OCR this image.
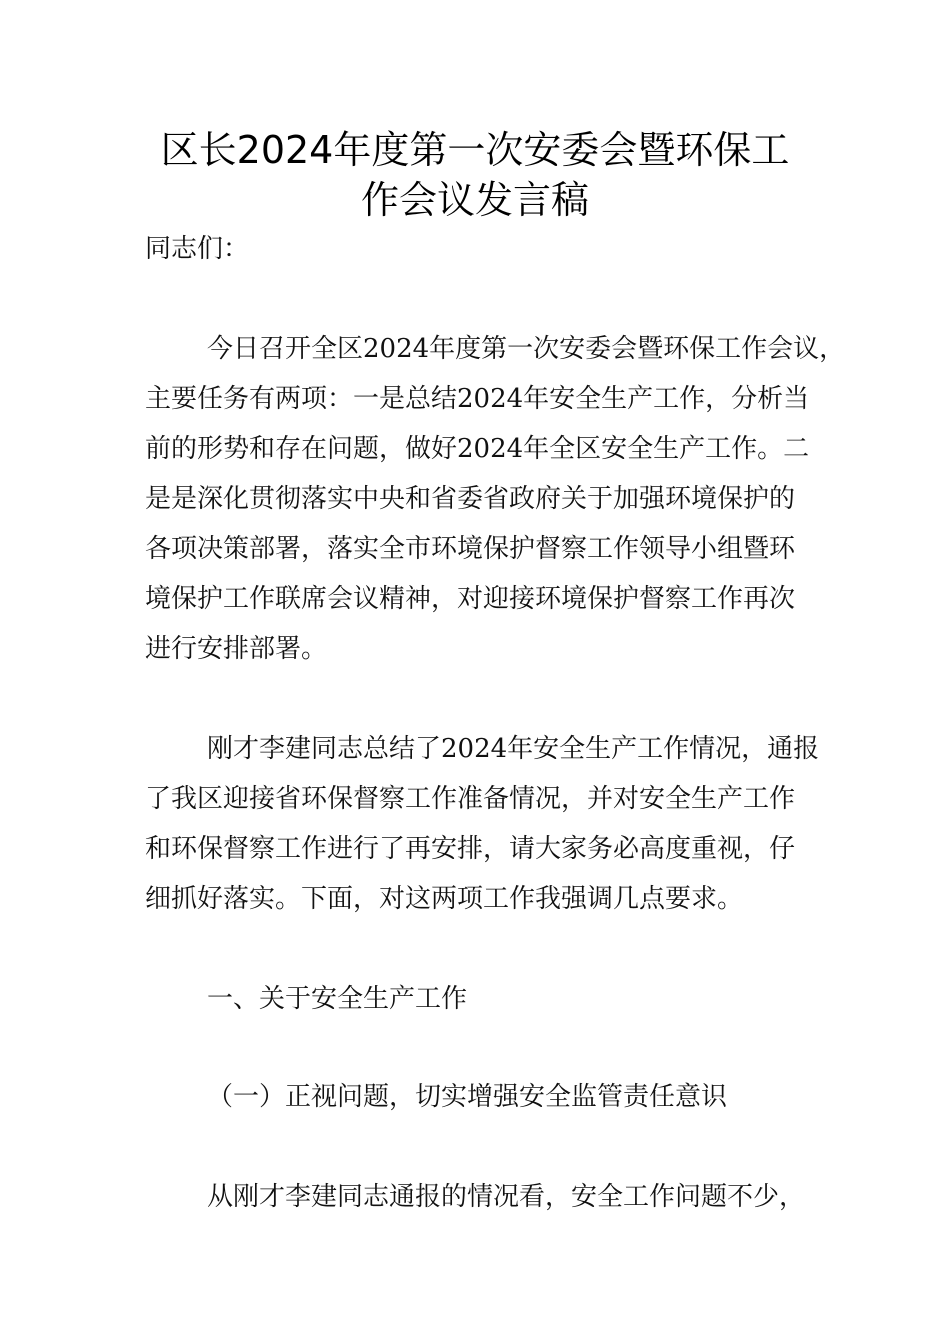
区长2024年度第一次安委会暨环保工
作会议发言稿
同志们：
今日召开全区2024年度第一次安委会暨环保工作会议，
主要任务有两项：一是总结2024年安全生产工作，分析当
前的形势和存在问题，做好2024年全区安全生产工作。二
是是深化贯彻落实中央和省委省政府关于加强环境保护的
各项决策部署，落实全市环境保护督察工作领导小组暨环
境保护工作联席会议精神，对迎接环境保护督察工作再次
进行安排部署。
刚才李建同志总结了2024年安全生产工作情况，通报
了我区迎接省环保督察工作准备情况，并对安全生产工作
和环保督察工作进行了再安排，请大家务必高度重视，仔
细抓好落实。下面，对这两项工作我强调几点要求。
一、关于安全生产工作
（一）正视问题，切实增强安全监管责任意识
从刚才李建同志通报的情况看，安全工作问题不少，
